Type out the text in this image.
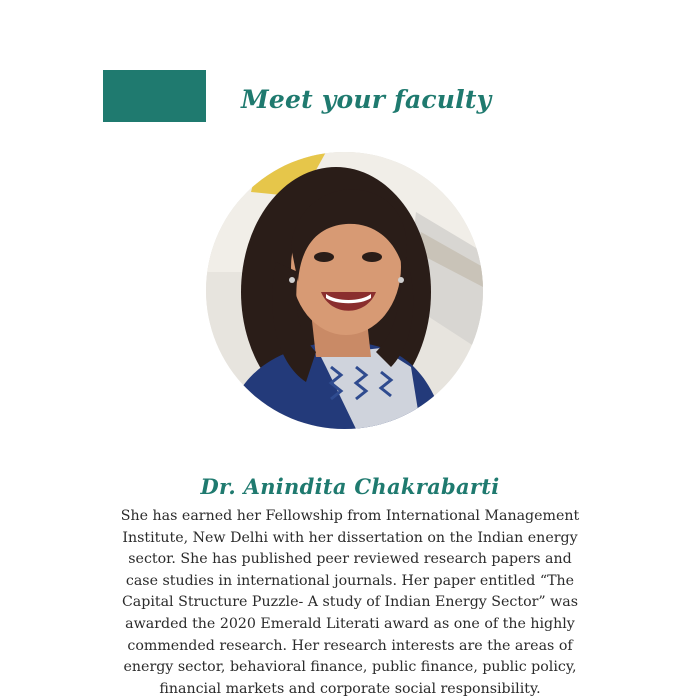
Meet your faculty
Dr. Anindita Chakrabarti
She has earned her Fellowship from International Management Institute, New Delhi with her dissertation on the Indian energy sector. She has published peer reviewed research papers and case studies in international journals. Her paper entitled “The Capital Structure Puzzle- A study of Indian Energy Sector” was awarded the 2020 Emerald Literati award as one of the highly commended research. Her research interests are the areas of energy sector, behavioral finance, public finance, public policy, financial markets and corporate social responsibility.
